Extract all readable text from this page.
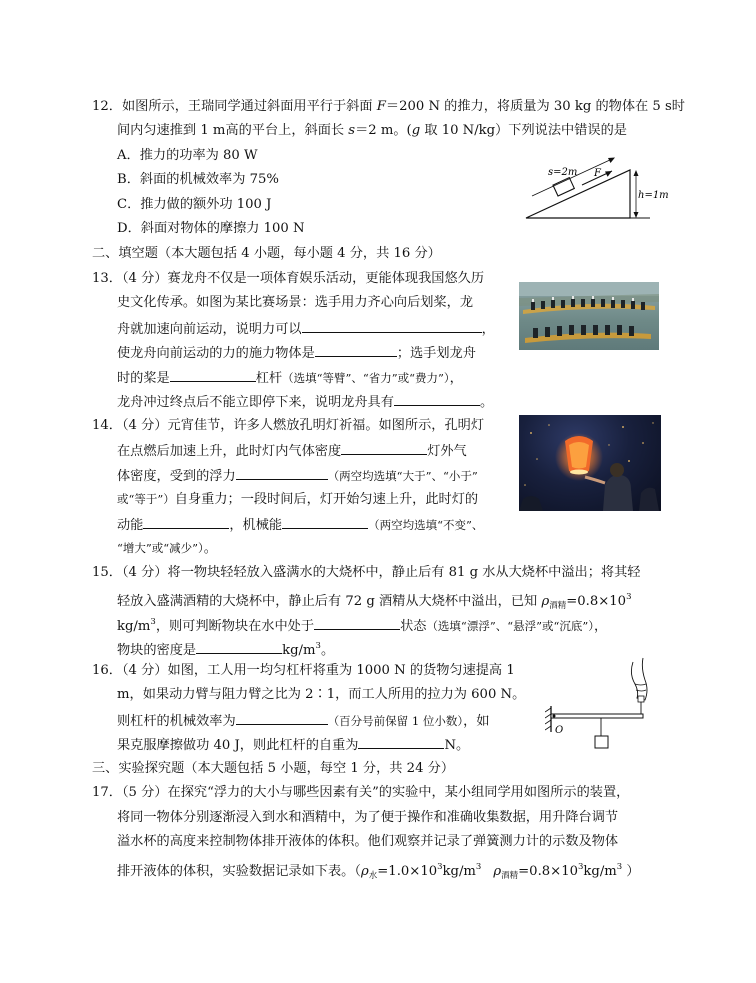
12．如图所示，王瑞同学通过斜面用平行于斜面 F＝200 N 的推力，将质量为 30 kg 的物体在 5 s时
间内匀速推到 1 m高的平台上，斜面长 s＝2 m。(g 取 10 N/kg）下列说法中错误的是
A．推力的功率为 80 W
B．斜面的机械效率为 75%
C．推力做的额外功 100 J
D．斜面对物体的摩擦力 100 N
s=2m F
h=1m
二、填空题（本大题包括 4 小题，每小题 4 分，共 16 分）
13．（4 分）赛龙舟不仅是一项体育娱乐活动，更能体现我国悠久历
史文化传承。如图为某比赛场景：选手用力齐心向后划桨，龙
舟就加速向前运动，说明力可以	，
使龙舟向前运动的力的施力物体是	；选手划龙舟
时的桨是	杠杆（选填“等臂”、“省力”或“费力”），
龙舟冲过终点后不能立即停下来，说明龙舟具有	。
14．（4 分）元宵佳节，许多人燃放孔明灯祈福。如图所示，孔明灯
在点燃后加速上升，此时灯内气体密度	灯外气
体密度，受到的浮力	（两空均选填“大于”、“小于”
或“等于”）自身重力；一段时间后，灯开始匀速上升，此时灯的
动能	，机械能	（两空均选填“不变”、
“增大”或“减少”）。
15．（4 分）将一物块轻轻放入盛满水的大烧杯中，静止后有 81 g 水从大烧杯中溢出；将其轻
轻放入盛满酒精的大烧杯中，静止后有 72 g 酒精从大烧杯中溢出，已知 $\rho_{酒精}=0.8\times 10^3$
$kg/m^3$，则可判断物块在水中处于	状态（选填“漂浮”、“悬浮”或“沉底”），
物块的密度是	$kg/m^3$。
16．（4 分）如图，工人用一均匀杠杆将重为 1000 N 的货物匀速提高 1
m，如果动力臂与阻力臂之比为 2∶1，而工人所用的拉力为 600 N。
则杠杆的机械效率为	（百分号前保留 1 位小数），如
果克服摩擦做功 40 J，则此杠杆的自重为	N。
O
三、实验探究题（本大题包括 5 小题，每空 1 分，共 24 分）
17．（5 分）在探究“浮力的大小与哪些因素有关”的实验中，某小组同学用如图所示的装置，
将同一物体分别逐渐浸入到水和酒精中，为了便于操作和准确收集数据，用升降台调节
溢水杯的高度来控制物体排开液体的体积。他们观察并记录了弹簧测力计的示数及物体
排开液体的体积，实验数据记录如下表。（$\rho_水=1.0\times 10^3kg/m^3$ $\rho_{酒精}=0.8\times 10^3kg/m^3$ ）
